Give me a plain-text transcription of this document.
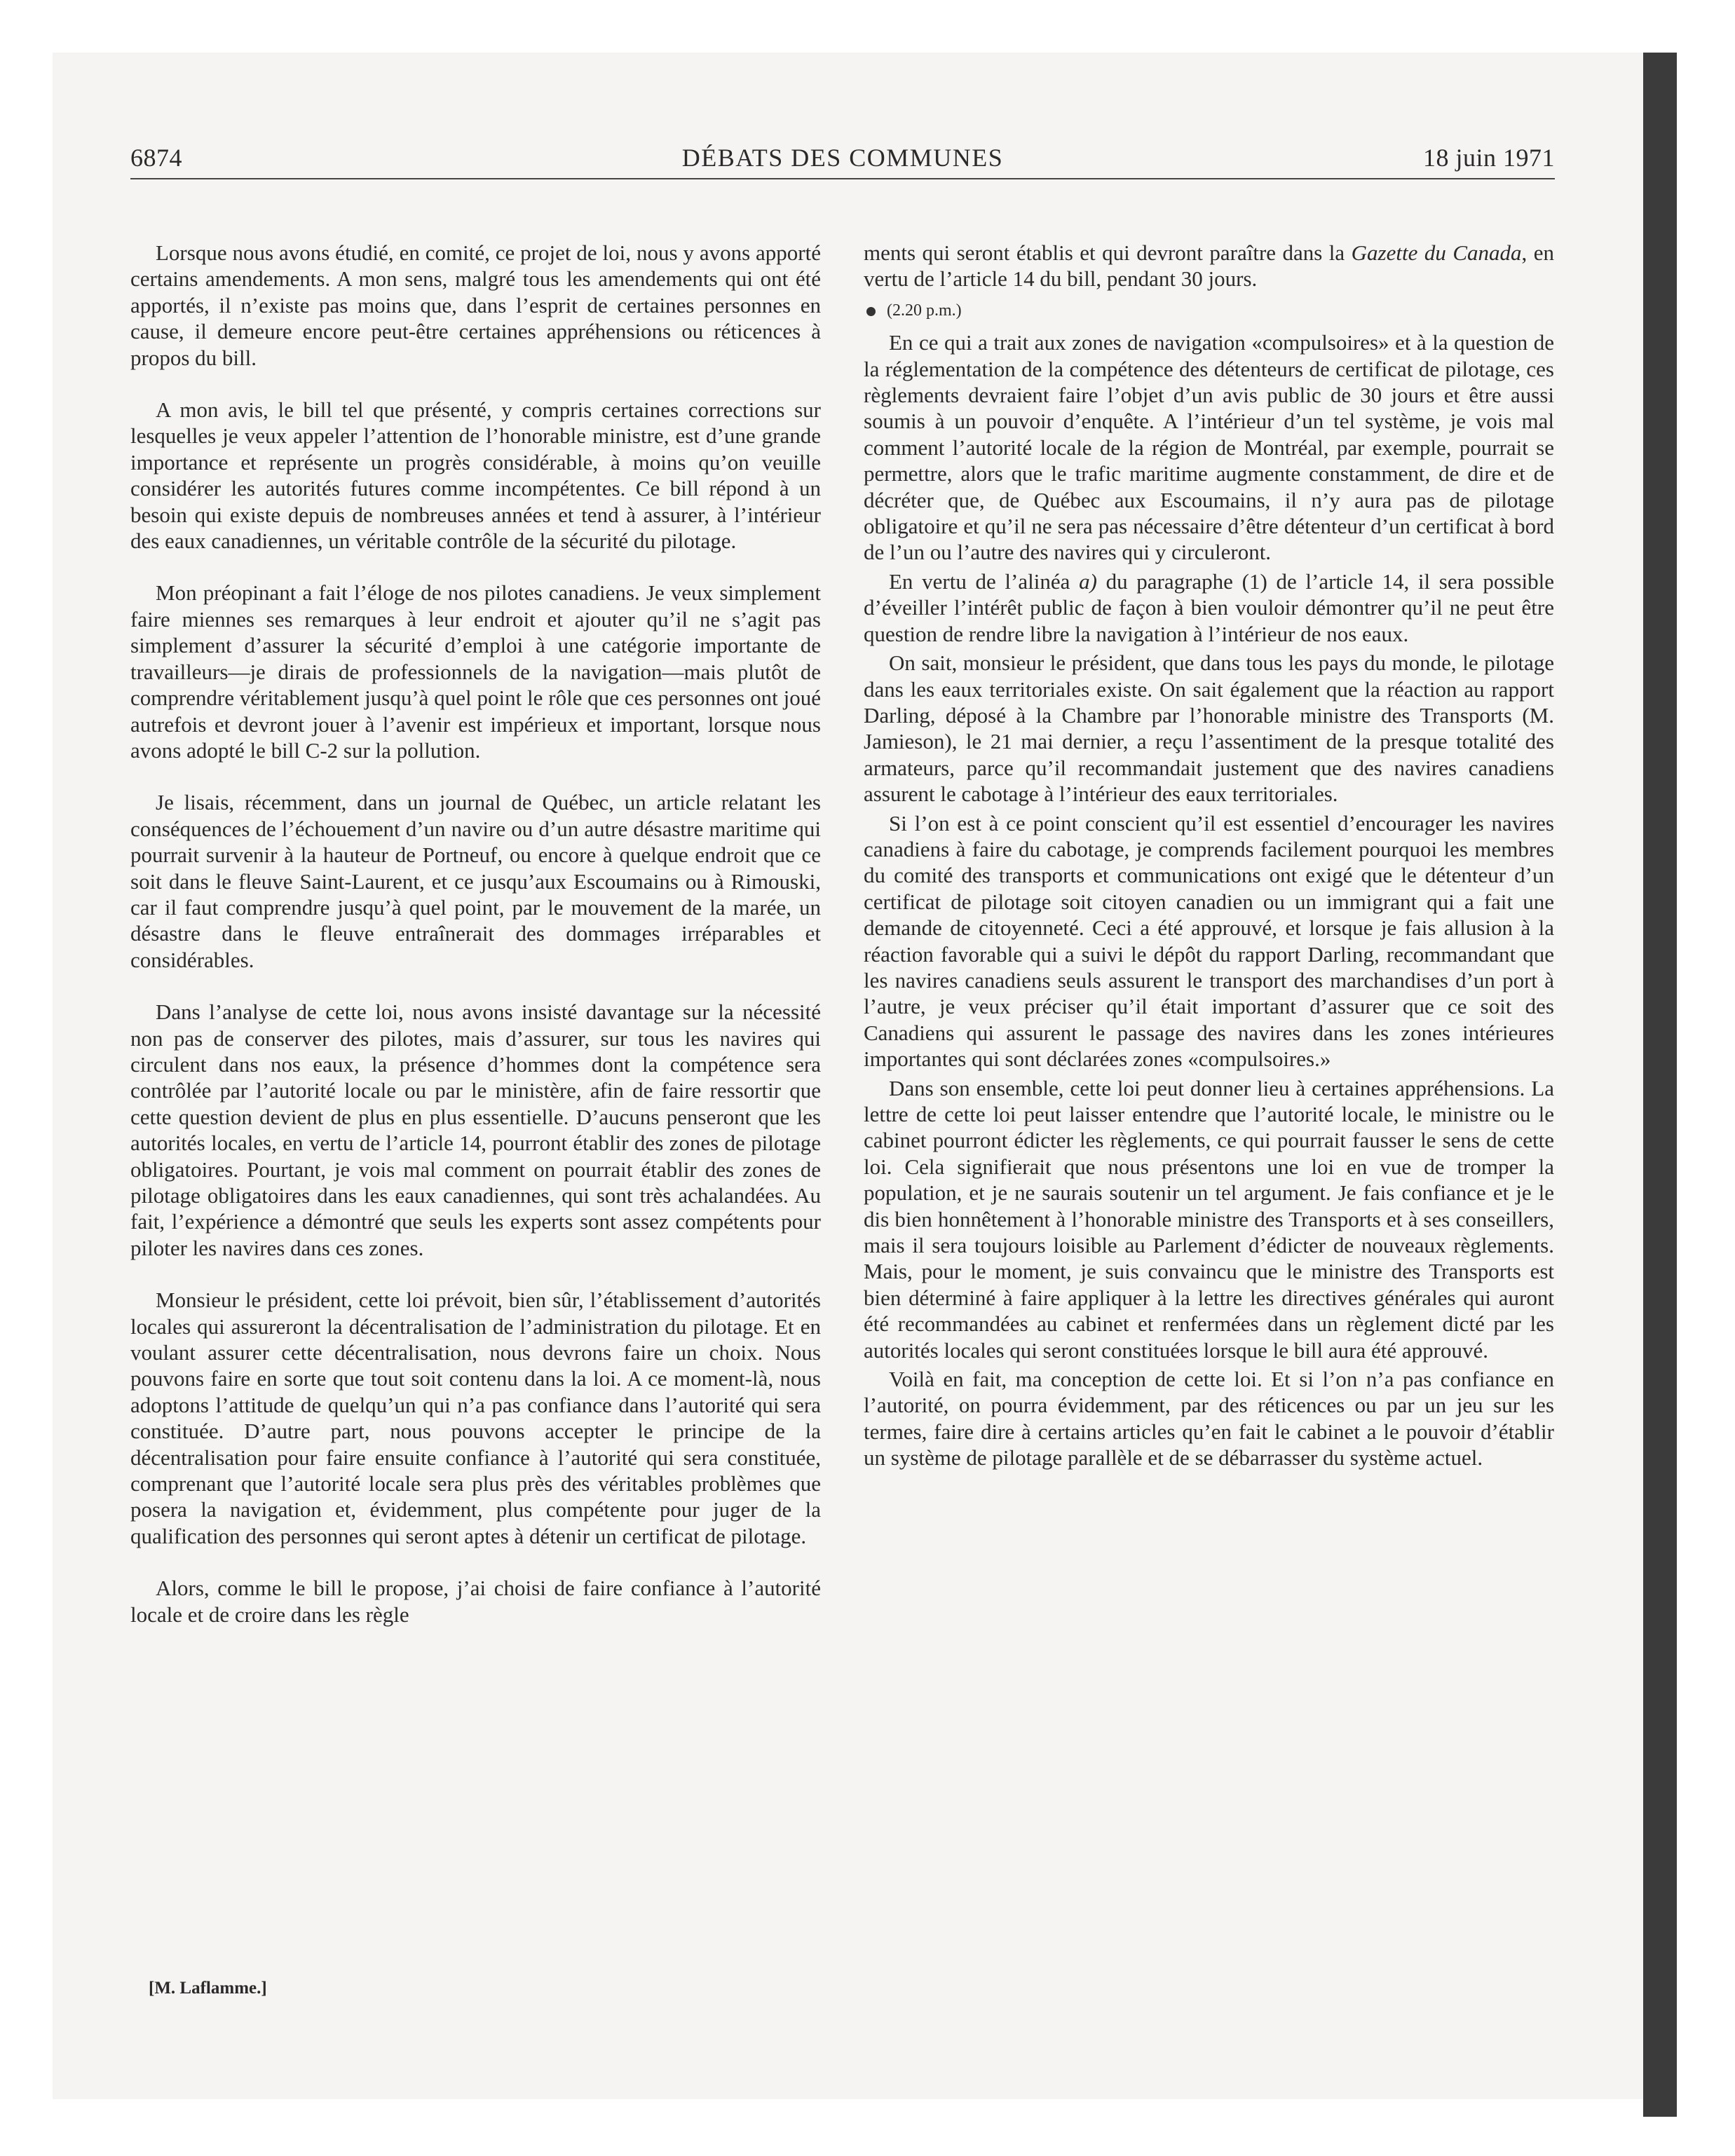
6874	DÉBATS DES COMMUNES	18 juin 1971

Lorsque nous avons étudié, en comité, ce projet de loi, nous y avons apporté certains amendements. A mon sens, malgré tous les amendements qui ont été apportés, il n’existe pas moins que, dans l’esprit de certaines personnes en cause, il demeure encore peut-être certaines appréhensions ou réticences à propos du bill.

A mon avis, le bill tel que présenté, y compris certaines corrections sur lesquelles je veux appeler l’attention de l’honorable ministre, est d’une grande importance et représente un progrès considérable, à moins qu’on veuille considérer les autorités futures comme incompétentes. Ce bill répond à un besoin qui existe depuis de nombreuses années et tend à assurer, à l’intérieur des eaux canadiennes, un véritable contrôle de la sécurité du pilotage.

Mon préopinant a fait l’éloge de nos pilotes canadiens. Je veux simplement faire miennes ses remarques à leur endroit et ajouter qu’il ne s’agit pas simplement d’assurer la sécurité d’emploi à une catégorie importante de travailleurs—je dirais de professionnels de la navigation—mais plutôt de comprendre véritablement jusqu’à quel point le rôle que ces personnes ont joué autrefois et devront jouer à l’avenir est impérieux et important, lorsque nous avons adopté le bill C-2 sur la pollution.

Je lisais, récemment, dans un journal de Québec, un article relatant les conséquences de l’échouement d’un navire ou d’un autre désastre maritime qui pourrait survenir à la hauteur de Portneuf, ou encore à quelque endroit que ce soit dans le fleuve Saint-Laurent, et ce jusqu’aux Escoumains ou à Rimouski, car il faut comprendre jusqu’à quel point, par le mouvement de la marée, un désastre dans le fleuve entraînerait des dommages irréparables et considérables.

Dans l’analyse de cette loi, nous avons insisté davantage sur la nécessité non pas de conserver des pilotes, mais d’assurer, sur tous les navires qui circulent dans nos eaux, la présence d’hommes dont la compétence sera contrôlée par l’autorité locale ou par le ministère, afin de faire ressortir que cette question devient de plus en plus essentielle. D’aucuns penseront que les autorités locales, en vertu de l’article 14, pourront établir des zones de pilotage obligatoires. Pourtant, je vois mal comment on pourrait établir des zones de pilotage obligatoires dans les eaux canadiennes, qui sont très achalandées. Au fait, l’expérience a démontré que seuls les experts sont assez compétents pour piloter les navires dans ces zones.

Monsieur le président, cette loi prévoit, bien sûr, l’établissement d’autorités locales qui assureront la décentralisation de l’administration du pilotage. Et en voulant assurer cette décentralisation, nous devrons faire un choix. Nous pouvons faire en sorte que tout soit contenu dans la loi. A ce moment-là, nous adoptons l’attitude de quelqu’un qui n’a pas confiance dans l’autorité qui sera constituée. D’autre part, nous pouvons accepter le principe de la décentralisation pour faire ensuite confiance à l’autorité qui sera constituée, comprenant que l’autorité locale sera plus près des véritables problèmes que posera la navigation et, évidemment, plus compétente pour juger de la qualification des personnes qui seront aptes à détenir un certificat de pilotage.

Alors, comme le bill le propose, j’ai choisi de faire confiance à l’autorité locale et de croire dans les règle

[M. Laflamme.]

ments qui seront établis et qui devront paraître dans la Gazette du Canada, en vertu de l’article 14 du bill, pendant 30 jours.

(2.20 p.m.)

En ce qui a trait aux zones de navigation «compulsoires» et à la question de la réglementation de la compétence des détenteurs de certificat de pilotage, ces règlements devraient faire l’objet d’un avis public de 30 jours et être aussi soumis à un pouvoir d’enquête. A l’intérieur d’un tel système, je vois mal comment l’autorité locale de la région de Montréal, par exemple, pourrait se permettre, alors que le trafic maritime augmente constamment, de dire et de décréter que, de Québec aux Escoumains, il n’y aura pas de pilotage obligatoire et qu’il ne sera pas nécessaire d’être détenteur d’un certificat à bord de l’un ou l’autre des navires qui y circuleront.

En vertu de l’alinéa a) du paragraphe (1) de l’article 14, il sera possible d’éveiller l’intérêt public de façon à bien vouloir démontrer qu’il ne peut être question de rendre libre la navigation à l’intérieur de nos eaux.

On sait, monsieur le président, que dans tous les pays du monde, le pilotage dans les eaux territoriales existe. On sait également que la réaction au rapport Darling, déposé à la Chambre par l’honorable ministre des Transports (M. Jamieson), le 21 mai dernier, a reçu l’assentiment de la presque totalité des armateurs, parce qu’il recommandait justement que des navires canadiens assurent le cabotage à l’intérieur des eaux territoriales.

Si l’on est à ce point conscient qu’il est essentiel d’encourager les navires canadiens à faire du cabotage, je comprends facilement pourquoi les membres du comité des transports et communications ont exigé que le détenteur d’un certificat de pilotage soit citoyen canadien ou un immigrant qui a fait une demande de citoyenneté. Ceci a été approuvé, et lorsque je fais allusion à la réaction favorable qui a suivi le dépôt du rapport Darling, recommandant que les navires canadiens seuls assurent le transport des marchandises d’un port à l’autre, je veux préciser qu’il était important d’assurer que ce soit des Canadiens qui assurent le passage des navires dans les zones intérieures importantes qui sont déclarées zones «compulsoires.»

Dans son ensemble, cette loi peut donner lieu à certaines appréhensions. La lettre de cette loi peut laisser entendre que l’autorité locale, le ministre ou le cabinet pourront édicter les règlements, ce qui pourrait fausser le sens de cette loi. Cela signifierait que nous présentons une loi en vue de tromper la population, et je ne saurais soutenir un tel argument. Je fais confiance et je le dis bien honnêtement à l’honorable ministre des Transports et à ses conseillers, mais il sera toujours loisible au Parlement d’édicter de nouveaux règlements. Mais, pour le moment, je suis convaincu que le ministre des Transports est bien déterminé à faire appliquer à la lettre les directives générales qui auront été recommandées au cabinet et renfermées dans un règlement dicté par les autorités locales qui seront constituées lorsque le bill aura été approuvé.

Voilà en fait, ma conception de cette loi. Et si l’on n’a pas confiance en l’autorité, on pourra évidemment, par des réticences ou par un jeu sur les termes, faire dire à certains articles qu’en fait le cabinet a le pouvoir d’établir un système de pilotage parallèle et de se débarrasser du système actuel.
